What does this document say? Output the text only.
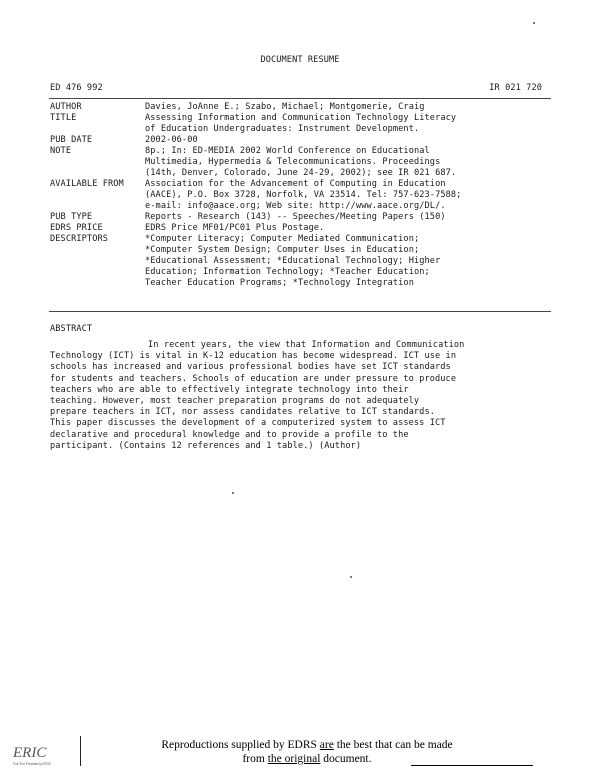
DOCUMENT RESUME
ED 476 992	IR 021 720
AUTHOR	Davies, JoAnne E.; Szabo, Michael; Montgomerie, Craig
TITLE	Assessing Information and Communication Technology Literacy
of Education Undergraduates: Instrument Development.
PUB DATE	2002-06-00
NOTE	8p.; In: ED-MEDIA 2002 World Conference on Educational
Multimedia, Hypermedia & Telecommunications. Proceedings
(14th, Denver, Colorado, June 24-29, 2002); see IR 021 687.
AVAILABLE FROM	Association for the Advancement of Computing in Education
(AACE), P.O. Box 3728, Norfolk, VA 23514. Tel: 757-623-7588;
e-mail: info@aace.org; Web site: http://www.aace.org/DL/.
PUB TYPE	Reports - Research (143) -- Speeches/Meeting Papers (150)
EDRS PRICE	EDRS Price MF01/PC01 Plus Postage.
DESCRIPTORS	*Computer Literacy; Computer Mediated Communication;
*Computer System Design; Computer Uses in Education;
*Educational Assessment; *Educational Technology; Higher
Education; Information Technology; *Teacher Education;
Teacher Education Programs; *Technology Integration
ABSTRACT
In recent years, the view that Information and Communication
Technology (ICT) is vital in K-12 education has become widespread. ICT use in
schools has increased and various professional bodies have set ICT standards
for students and teachers. Schools of education are under pressure to produce
teachers who are able to effectively integrate technology into their
teaching. However, most teacher preparation programs do not adequately
prepare teachers in ICT, nor assess candidates relative to ICT standards.
This paper discusses the development of a computerized system to assess ICT
declarative and procedural knowledge and to provide a profile to the
participant. (Contains 12 references and 1 table.) (Author)
ERIC
Full Text Provided by ERIC
Reproductions supplied by EDRS are the best that can be made
from the original document.
